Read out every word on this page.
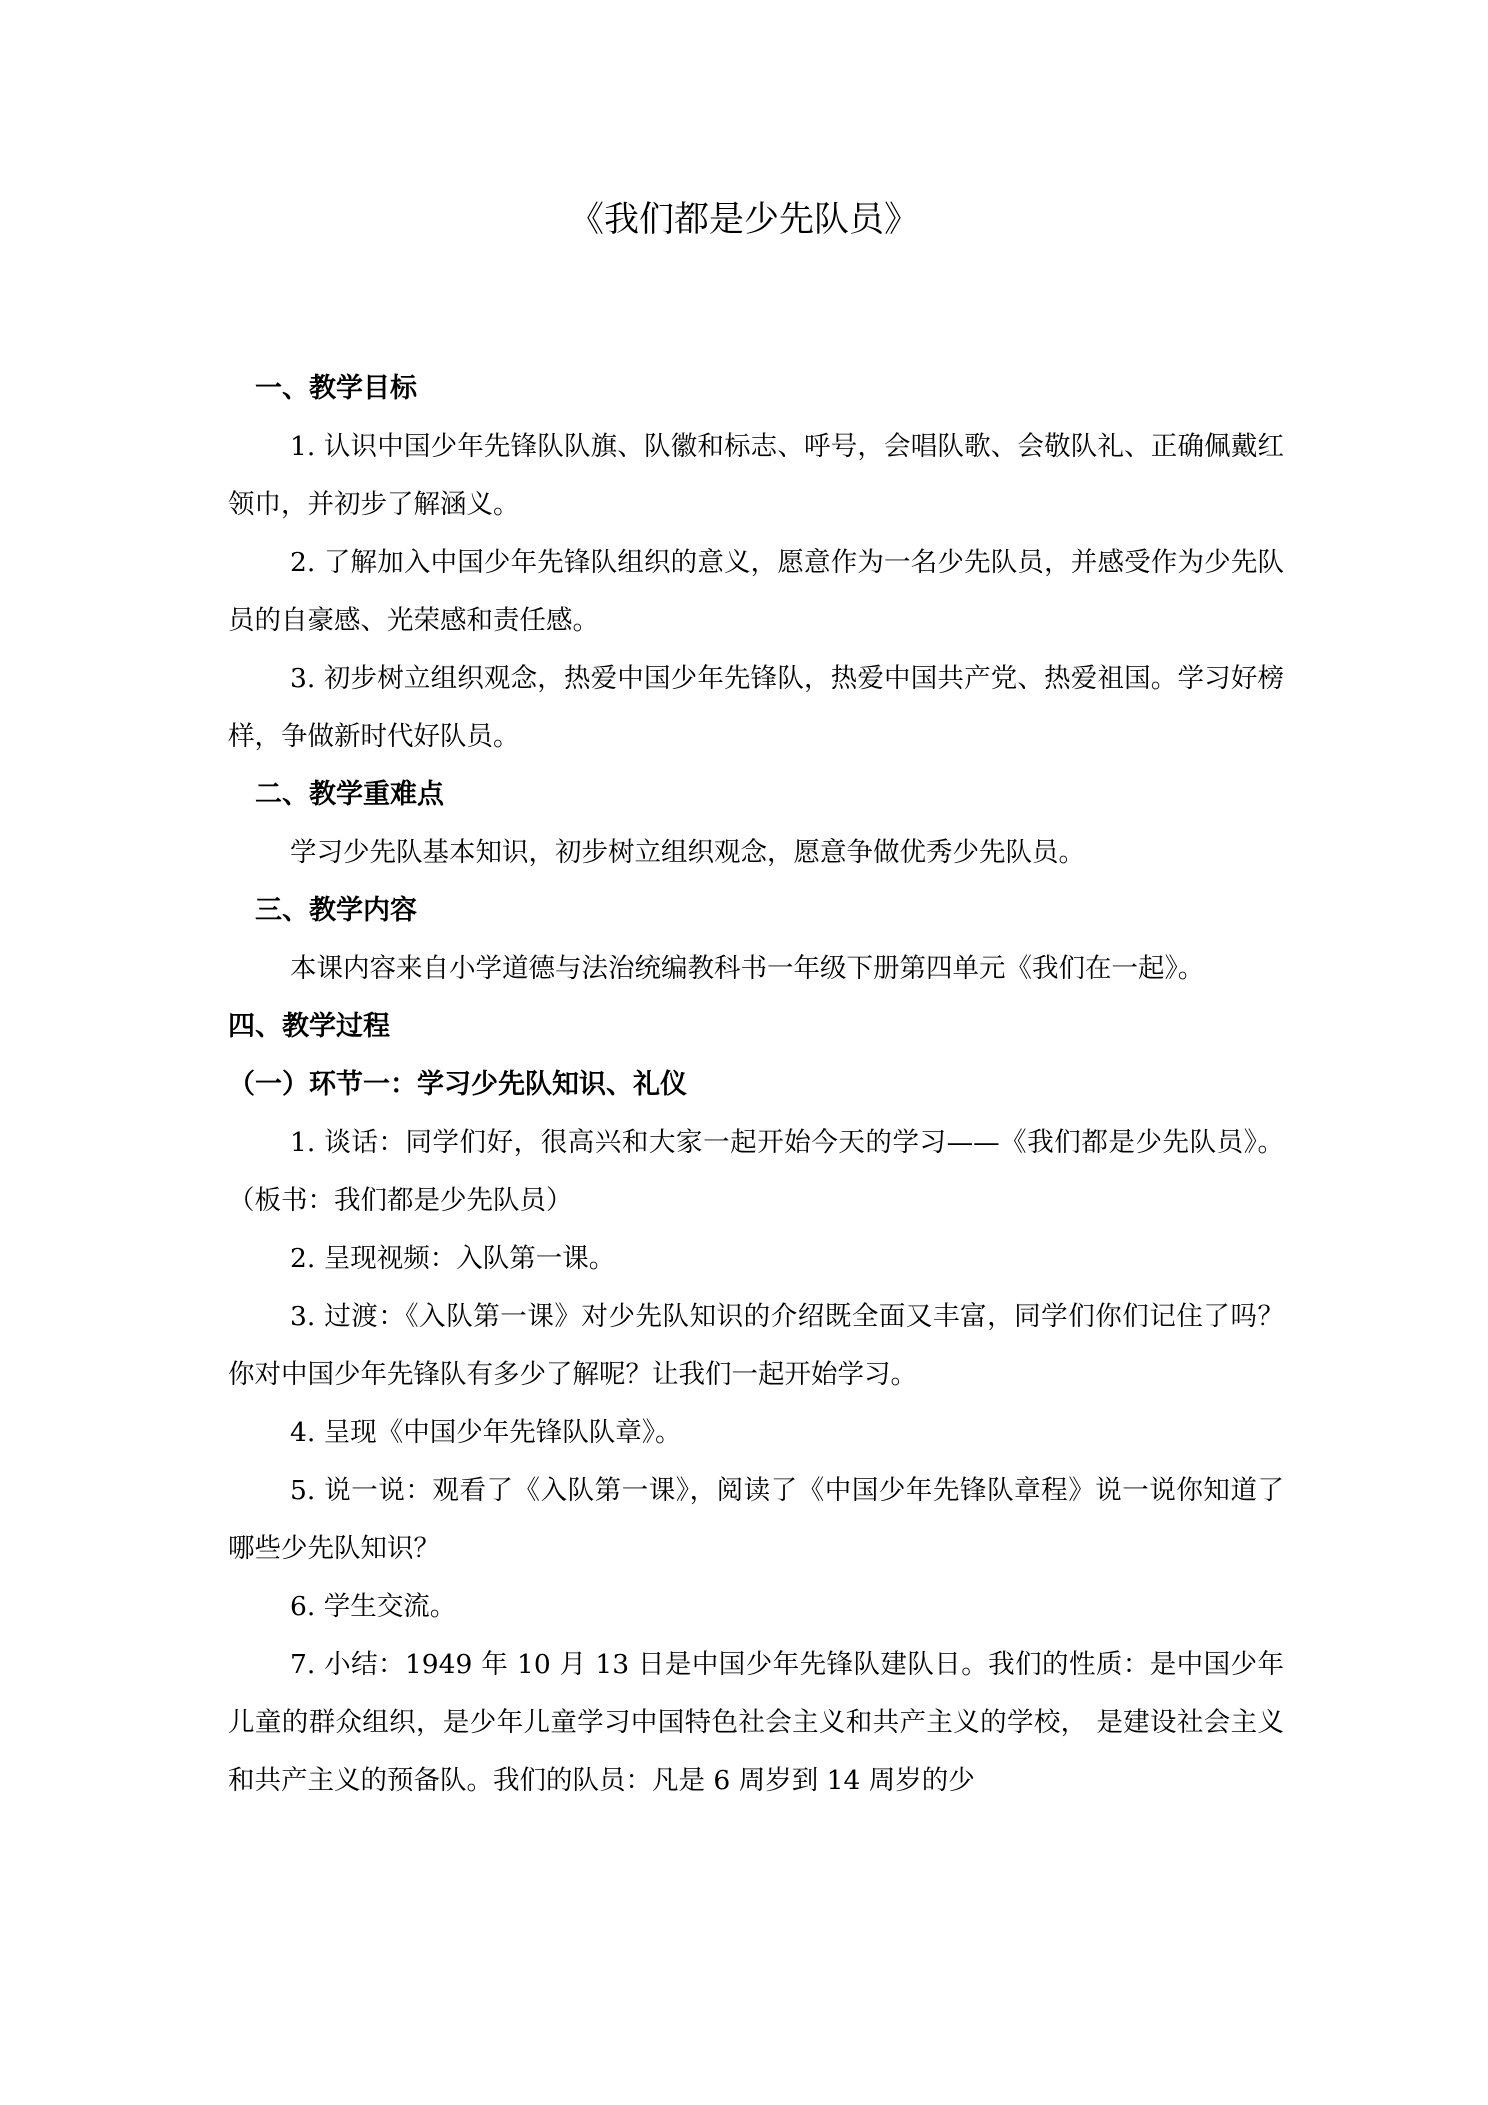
《我们都是少先队员》

一、教学目标

1. 认识中国少年先锋队队旗、队徽和标志、呼号，会唱队歌、会敬队礼、正确佩戴红领巾，并初步了解涵义。

2. 了解加入中国少年先锋队组织的意义，愿意作为一名少先队员，并感受作为少先队员的自豪感、光荣感和责任感。

3. 初步树立组织观念，热爱中国少年先锋队，热爱中国共产党、热爱祖国。学习好榜样，争做新时代好队员。

二、教学重难点

学习少先队基本知识，初步树立组织观念，愿意争做优秀少先队员。

三、教学内容

本课内容来自小学道德与法治统编教科书一年级下册第四单元《我们在一起》。

四、教学过程

（一）环节一：学习少先队知识、礼仪

1. 谈话：同学们好，很高兴和大家一起开始今天的学习——《我们都是少先队员》。（板书：我们都是少先队员）

2. 呈现视频：入队第一课。

3. 过渡：《入队第一课》对少先队知识的介绍既全面又丰富，同学们你们记住了吗？你对中国少年先锋队有多少了解呢？让我们一起开始学习。

4. 呈现《中国少年先锋队队章》。

5. 说一说：观看了《入队第一课》，阅读了《中国少年先锋队章程》说一说你知道了哪些少先队知识？

6. 学生交流。

7. 小结：1949 年 10 月 13 日是中国少年先锋队建队日。我们的性质：是中国少年儿童的群众组织，是少年儿童学习中国特色社会主义和共产主义的学校， 是建设社会主义和共产主义的预备队。我们的队员：凡是 6 周岁到 14 周岁的少
